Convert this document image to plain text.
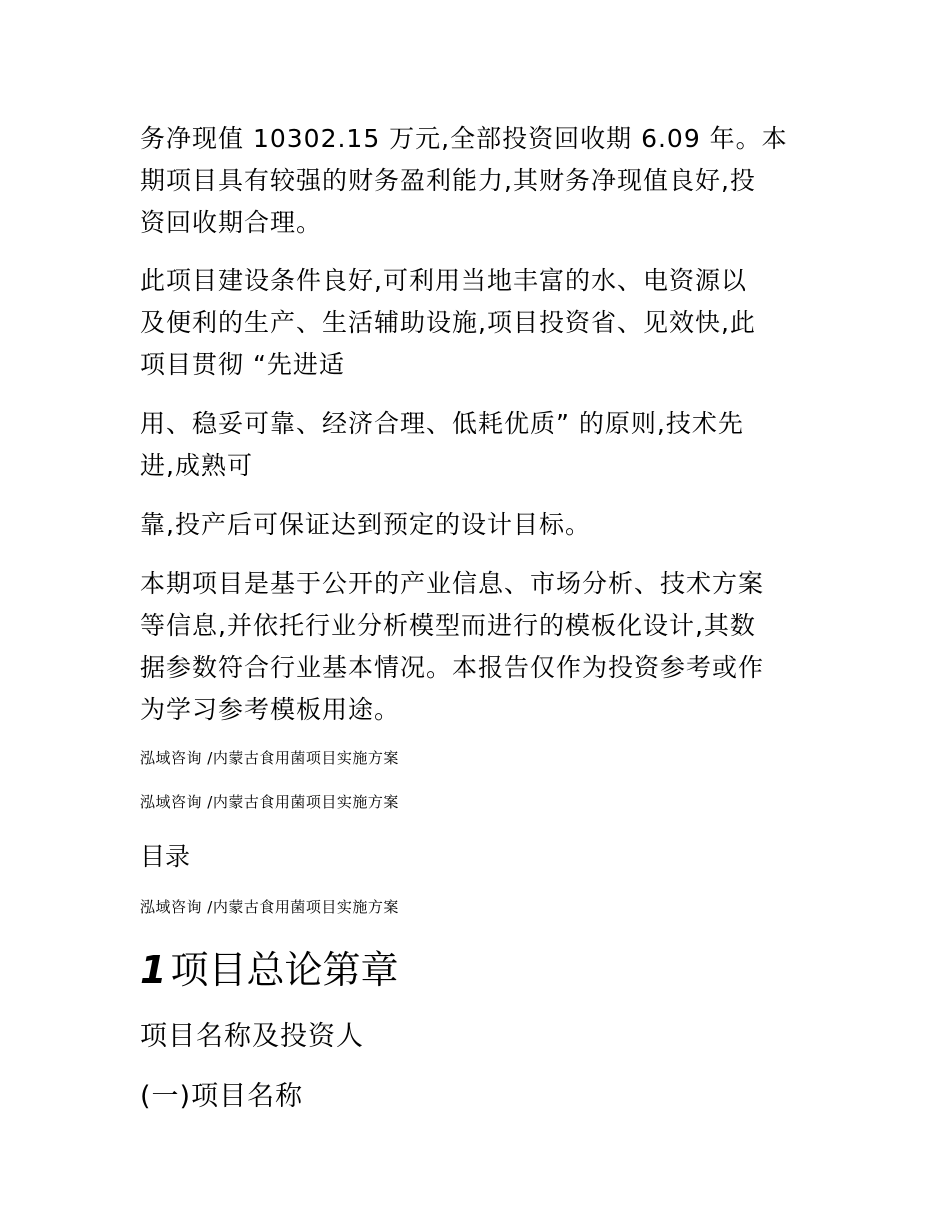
务净现值 10302.15 万元,全部投资回收期 6.09 年。本
期项目具有较强的财务盈利能力,其财务净现值良好,投
资回收期合理。
此项目建设条件良好,可利用当地丰富的水、电资源以
及便利的生产、生活辅助设施,项目投资省、见效快,此
项目贯彻 “先进适
用、稳妥可靠、经济合理、低耗优质” 的原则,技术先
进,成熟可
靠,投产后可保证达到预定的设计目标。
本期项目是基于公开的产业信息、市场分析、技术方案
等信息,并依托行业分析模型而进行的模板化设计,其数
据参数符合行业基本情况。本报告仅作为投资参考或作
为学习参考模板用途。

泓域咨询 /内蒙古食用菌项目实施方案

泓域咨询 /内蒙古食用菌项目实施方案

目录

泓域咨询 /内蒙古食用菌项目实施方案

1 项目总论第章
项目名称及投资人
(一)项目名称
